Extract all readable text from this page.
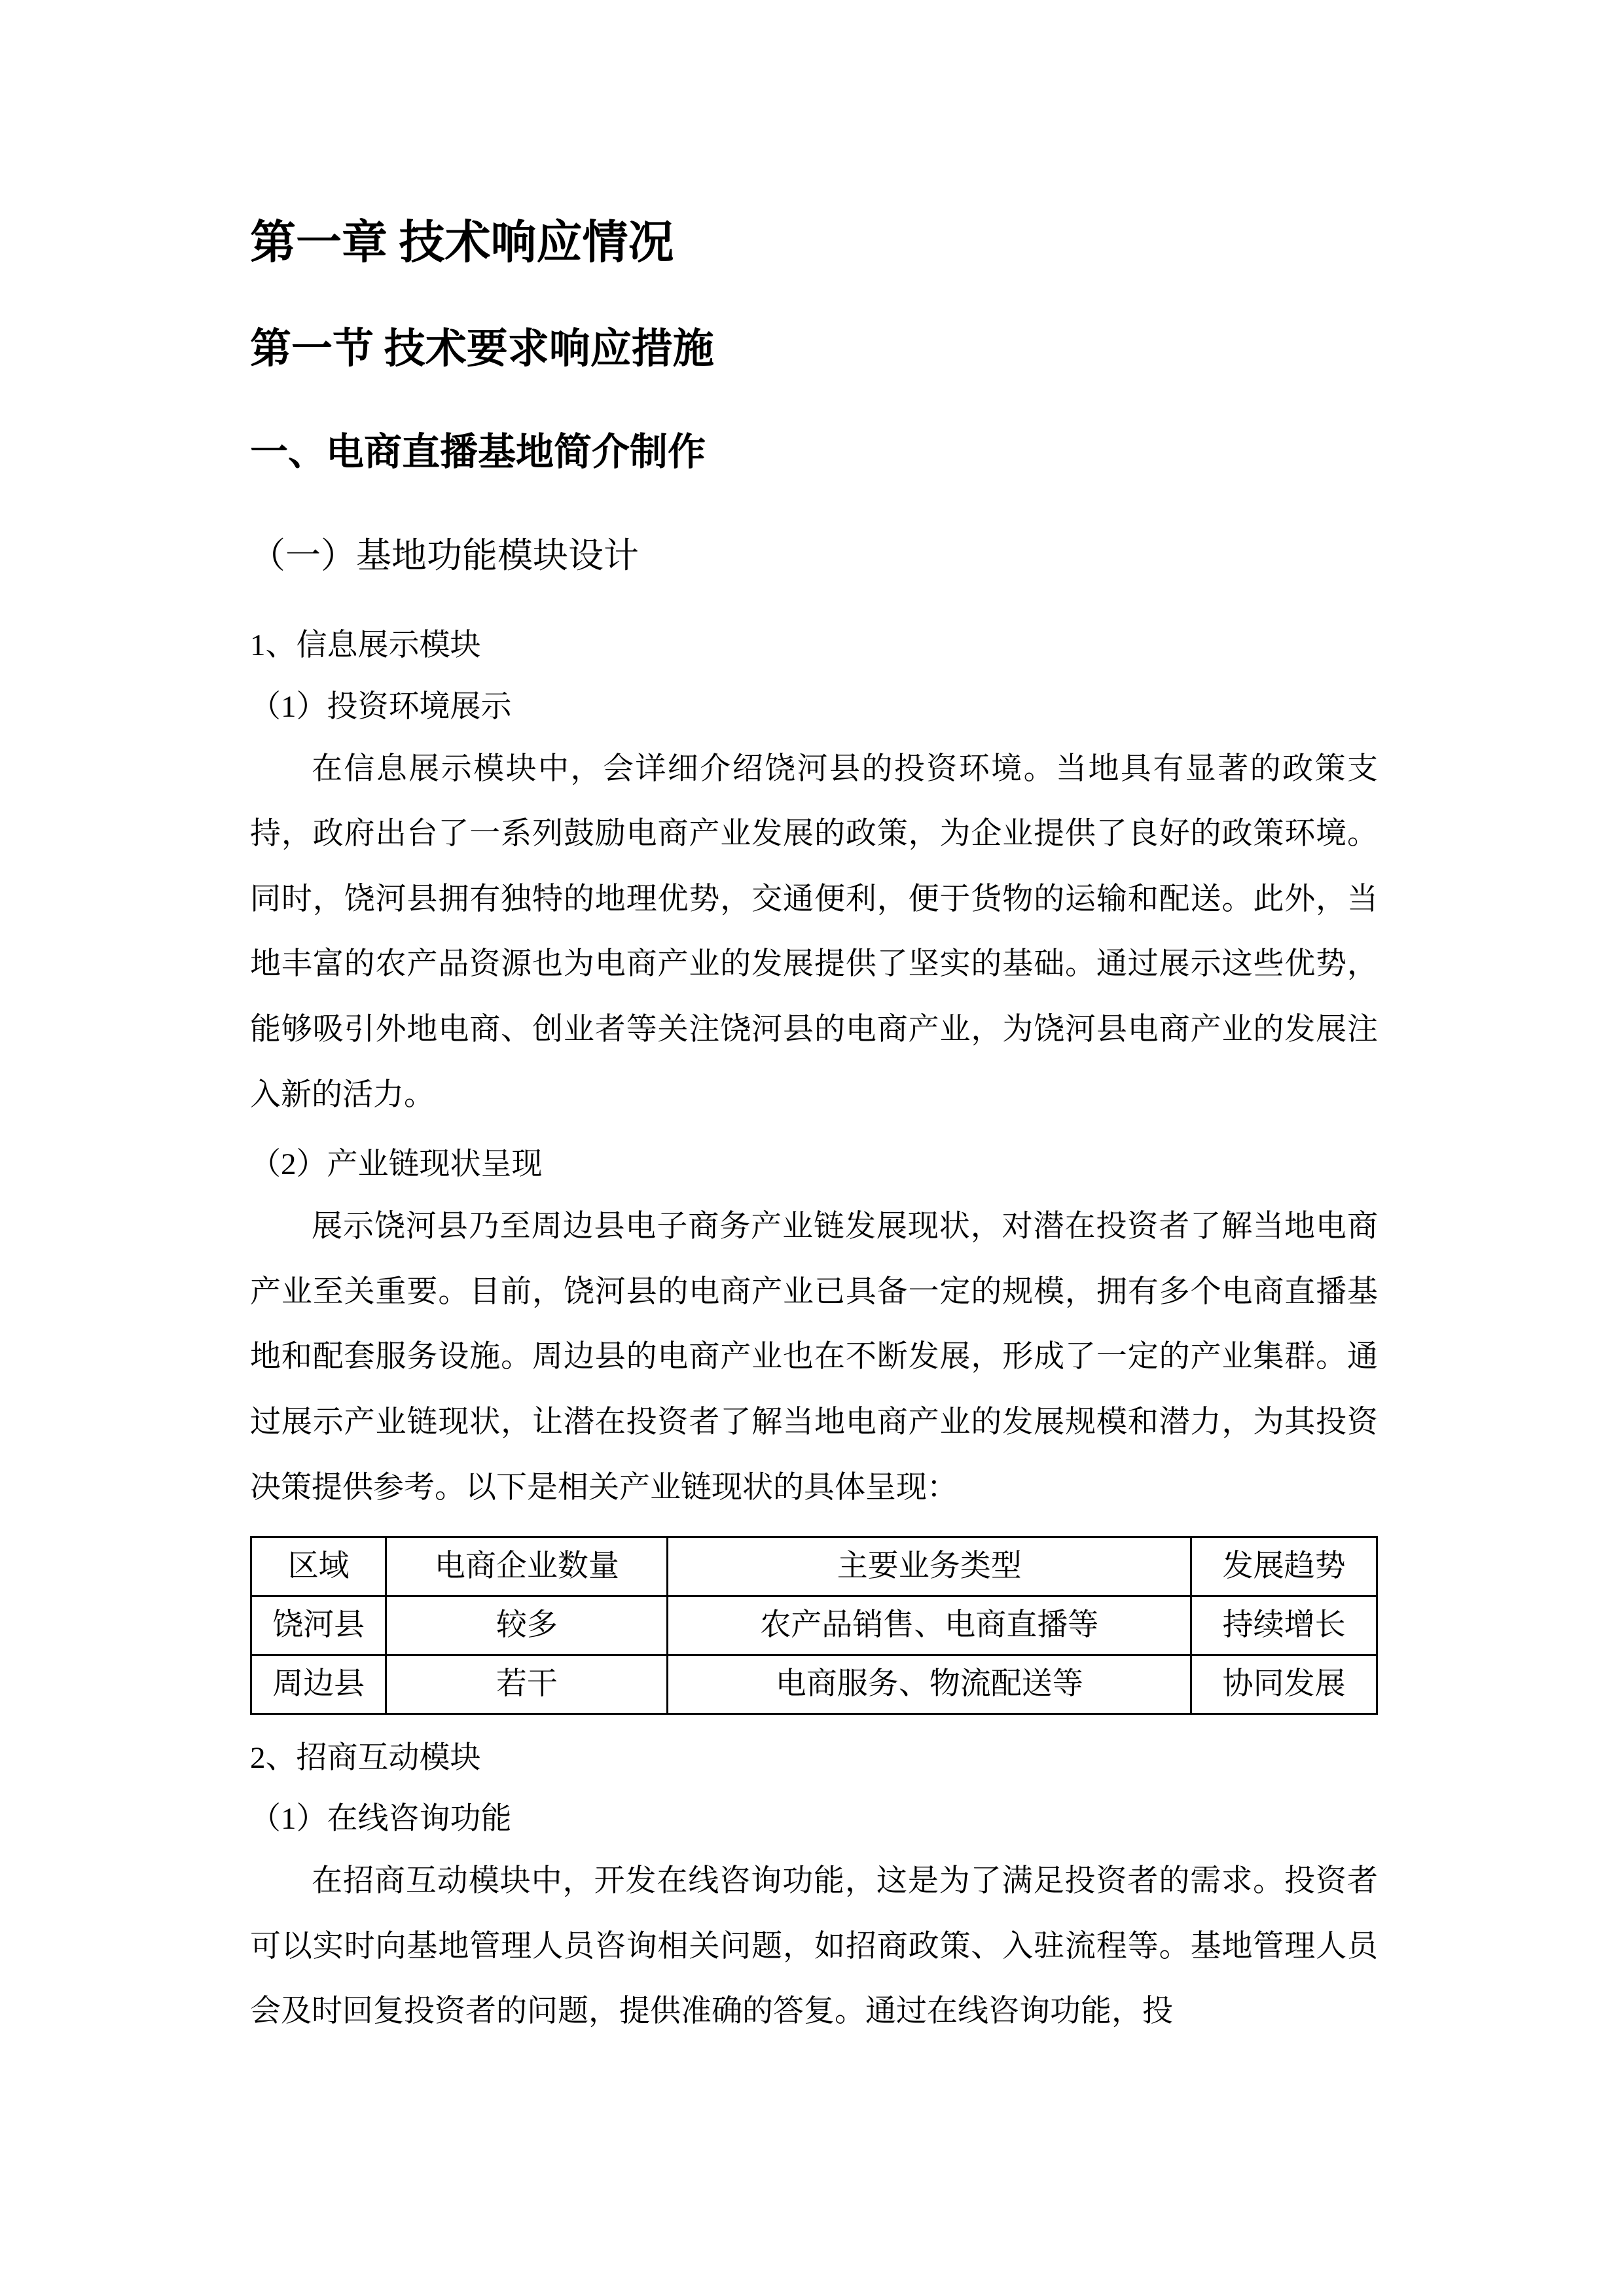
第一章 技术响应情况
第一节 技术要求响应措施
一、电商直播基地简介制作
（一）基地功能模块设计
1、信息展示模块
（1）投资环境展示

在信息展示模块中，会详细介绍饶河县的投资环境。当地具有显著的政策支持，政府出台了一系列鼓励电商产业发展的政策，为企业提供了良好的政策环境。同时，饶河县拥有独特的地理优势，交通便利，便于货物的运输和配送。此外，当地丰富的农产品资源也为电商产业的发展提供了坚实的基础。通过展示这些优势，能够吸引外地电商、创业者等关注饶河县的电商产业，为饶河县电商产业的发展注入新的活力。

（2）产业链现状呈现

展示饶河县乃至周边县电子商务产业链发展现状，对潜在投资者了解当地电商产业至关重要。目前，饶河县的电商产业已具备一定的规模，拥有多个电商直播基地和配套服务设施。周边县的电商产业也在不断发展，形成了一定的产业集群。通过展示产业链现状，让潜在投资者了解当地电商产业的发展规模和潜力，为其投资决策提供参考。以下是相关产业链现状的具体呈现：

区域	电商企业数量	主要业务类型	发展趋势
饶河县	较多	农产品销售、电商直播等	持续增长
周边县	若干	电商服务、物流配送等	协同发展
2、招商互动模块
（1）在线咨询功能

在招商互动模块中，开发在线咨询功能，这是为了满足投资者的需求。投资者可以实时向基地管理人员咨询相关问题，如招商政策、入驻流程等。基地管理人员会及时回复投资者的问题，提供准确的答复。通过在线咨询功能，投
